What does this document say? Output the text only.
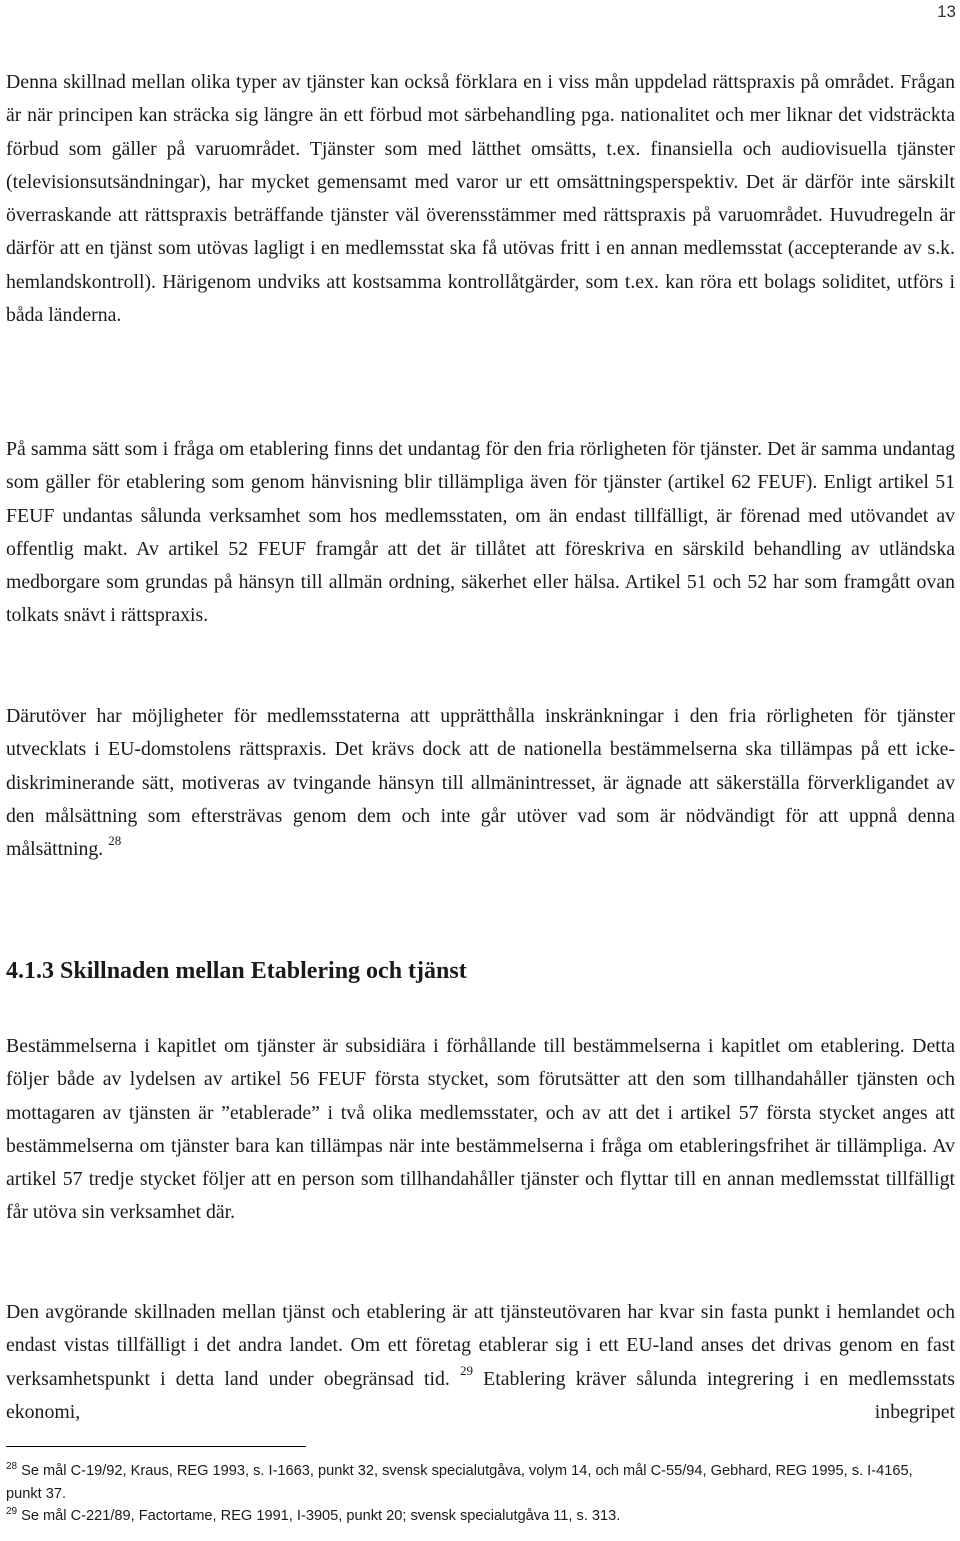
13

Denna skillnad mellan olika typer av tjänster kan också förklara en i viss mån uppdelad rättspraxis på området. Frågan är när principen kan sträcka sig längre än ett förbud mot särbehandling pga. nationalitet och mer liknar det vidsträckta förbud som gäller på varuområdet. Tjänster som med lätthet omsätts, t.ex. finansiella och audiovisuella tjänster (televisionsutsändningar), har mycket gemensamt med varor ur ett omsättningsperspektiv. Det är därför inte särskilt överraskande att rättspraxis beträffande tjänster väl överensstämmer med rättspraxis på varuområdet. Huvudregeln är därför att en tjänst som utövas lagligt i en medlemsstat ska få utövas fritt i en annan medlemsstat (accepterande av s.k. hemlandskontroll). Härigenom undviks att kostsamma kontrollåtgärder, som t.ex. kan röra ett bolags soliditet, utförs i båda länderna.

På samma sätt som i fråga om etablering finns det undantag för den fria rörligheten för tjänster. Det är samma undantag som gäller för etablering som genom hänvisning blir tillämpliga även för tjänster (artikel 62 FEUF). Enligt artikel 51 FEUF undantas sålunda verksamhet som hos medlemsstaten, om än endast tillfälligt, är förenad med utövandet av offentlig makt. Av artikel 52 FEUF framgår att det är tillåtet att föreskriva en särskild behandling av utländska medborgare som grundas på hänsyn till allmän ordning, säkerhet eller hälsa. Artikel 51 och 52 har som framgått ovan tolkats snävt i rättspraxis.

Därutöver har möjligheter för medlemsstaterna att upprätthålla inskränkningar i den fria rörligheten för tjänster utvecklats i EU-domstolens rättspraxis. Det krävs dock att de nationella bestämmelserna ska tillämpas på ett icke-diskriminerande sätt, motiveras av tvingande hänsyn till allmänintresset, är ägnade att säkerställa förverkligandet av den målsättning som eftersträvas genom dem och inte går utöver vad som är nödvändigt för att uppnå denna målsättning. $^{28}$

4.1.3 Skillnaden mellan Etablering och tjänst

Bestämmelserna i kapitlet om tjänster är subsidiära i förhållande till bestämmelserna i kapitlet om etablering. Detta följer både av lydelsen av artikel 56 FEUF första stycket, som förutsätter att den som tillhandahåller tjänsten och mottagaren av tjänsten är ”etablerade” i två olika medlemsstater, och av att det i artikel 57 första stycket anges att bestämmelserna om tjänster bara kan tillämpas när inte bestämmelserna i fråga om etableringsfrihet är tillämpliga. Av artikel 57 tredje stycket följer att en person som tillhandahåller tjänster och flyttar till en annan medlemsstat tillfälligt får utöva sin verksamhet där.

Den avgörande skillnaden mellan tjänst och etablering är att tjänsteutövaren har kvar sin fasta punkt i hemlandet och endast vistas tillfälligt i det andra landet. Om ett företag etablerar sig i ett EU-land anses det drivas genom en fast verksamhetspunkt i detta land under obegränsad tid. $^{29}$ Etablering kräver sålunda integrering i en medlemsstats ekonomi, inbegripet

$^{28}$ Se mål C-19/92, Kraus, REG 1993, s. I-1663, punkt 32, svensk specialutgåva, volym 14, och mål C-55/94, Gebhard, REG 1995, s. I-4165, punkt 37.

$^{29}$ Se mål C-221/89, Factortame, REG 1991, I-3905, punkt 20; svensk specialutgåva 11, s. 313.
